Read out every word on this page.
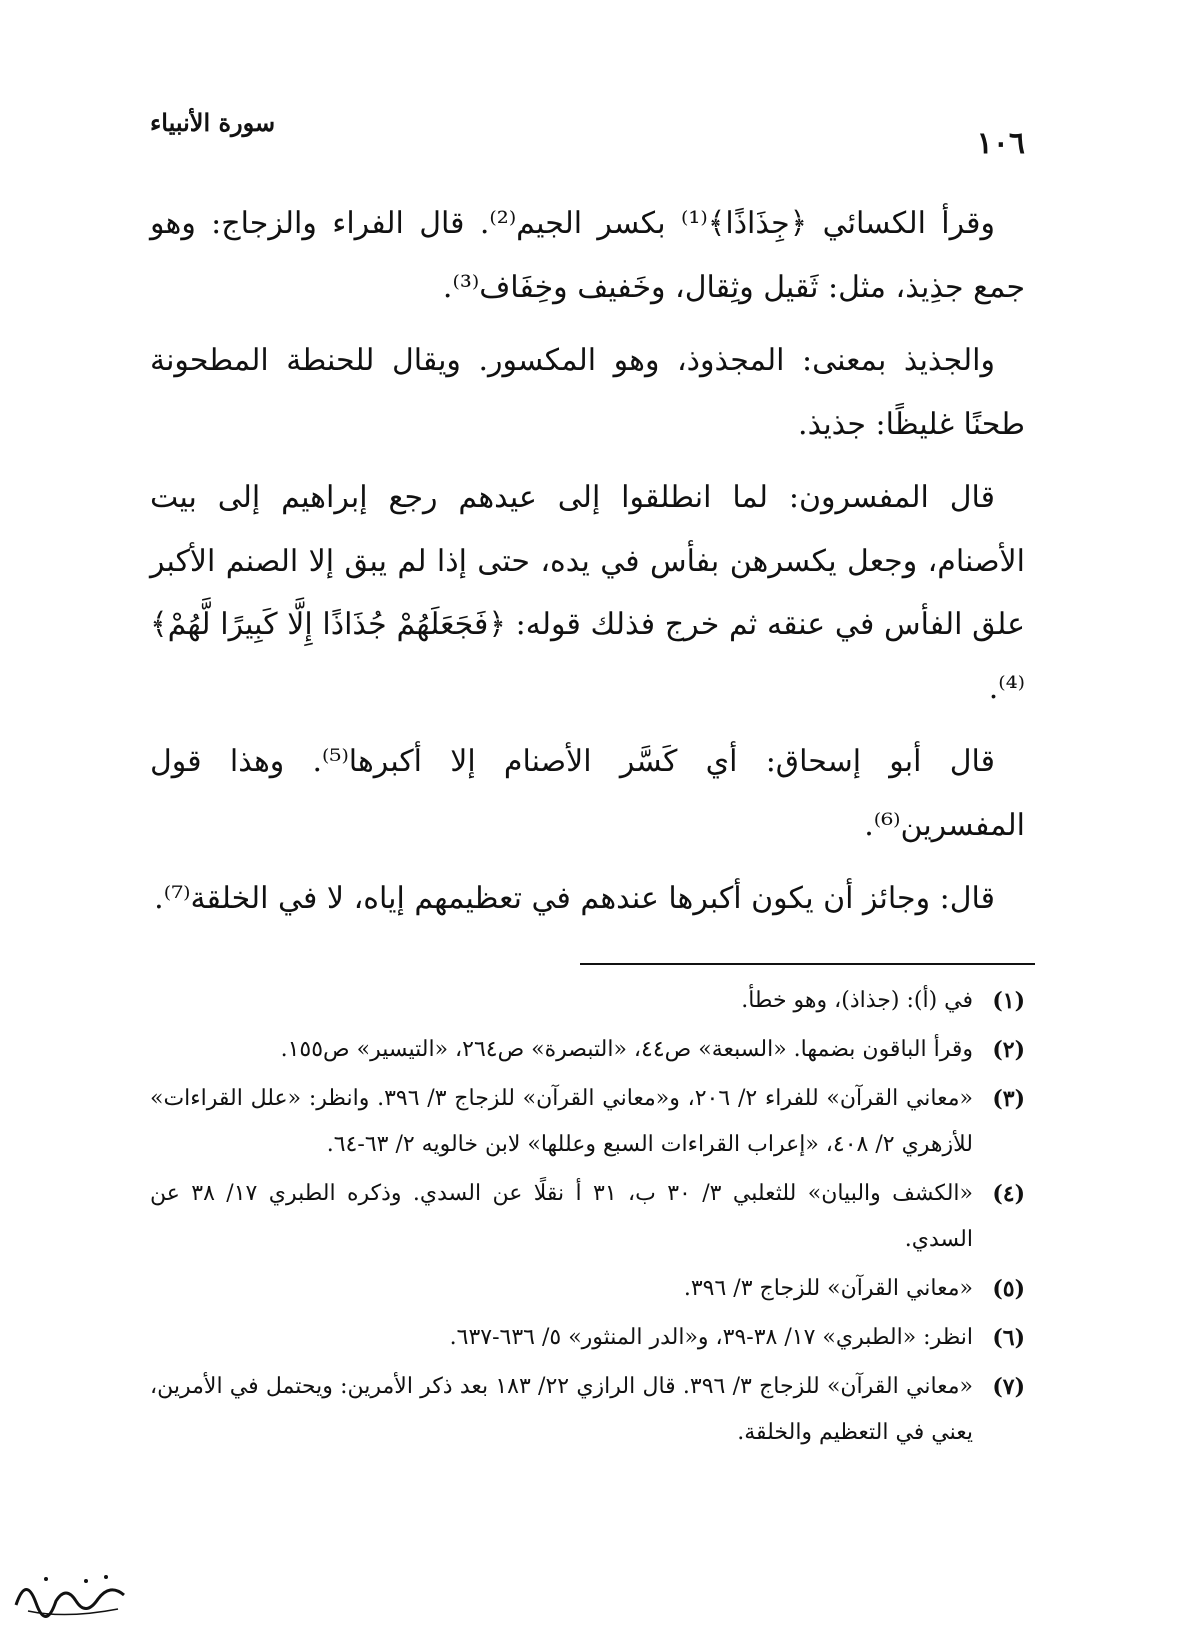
١٠٦
سورة الأنبياء

وقرأ الكسائي ﴿جِذَاذًا﴾⁽¹⁾ بكسر الجيم⁽²⁾. قال الفراء والزجاج: وهو جمع جذِيذ، مثل: ثَقيل وثِقال، وخَفيف وخِفَاف⁽³⁾.

والجذيذ بمعنى: المجذوذ، وهو المكسور. ويقال للحنطة المطحونة طحنًا غليظًا: جذيذ.

قال المفسرون: لما انطلقوا إلى عيدهم رجع إبراهيم إلى بيت الأصنام، وجعل يكسرهن بفأس في يده، حتى إذا لم يبق إلا الصنم الأكبر علق الفأس في عنقه ثم خرج فذلك قوله: ﴿فَجَعَلَهُمْ جُذَاذًا إِلَّا كَبِيرًا لَّهُمْ﴾⁽⁴⁾.

قال أبو إسحاق: أي كَسَّر الأصنام إلا أكبرها⁽⁵⁾. وهذا قول المفسرين⁽⁶⁾.

قال: وجائز أن يكون أكبرها عندهم في تعظيمهم إياه، لا في الخلقة⁽⁷⁾.

(١)
في (أ): (جذاذ)، وهو خطأ.
(٢)
وقرأ الباقون بضمها. «السبعة» ص٤٤، «التبصرة» ص٢٦٤، «التيسير» ص١٥٥.
(٣)
«معاني القرآن» للفراء ٢/ ٢٠٦، و«معاني القرآن» للزجاج ٣/ ٣٩٦. وانظر: «علل القراءات» للأزهري ٢/ ٤٠٨، «إعراب القراءات السبع وعللها» لابن خالويه ٢/ ٦٣-٦٤.
(٤)
«الكشف والبيان» للثعلبي ٣/ ٣٠ ب، ٣١ أ نقلًا عن السدي. وذكره الطبري ١٧/ ٣٨ عن السدي.
(٥)
«معاني القرآن» للزجاج ٣/ ٣٩٦.
(٦)
انظر: «الطبري» ١٧/ ٣٨-٣٩، و«الدر المنثور» ٥/ ٦٣٦-٦٣٧.
(٧)
«معاني القرآن» للزجاج ٣/ ٣٩٦. قال الرازي ٢٢/ ١٨٣ بعد ذكر الأمرين: ويحتمل في الأمرين، يعني في التعظيم والخلقة.
